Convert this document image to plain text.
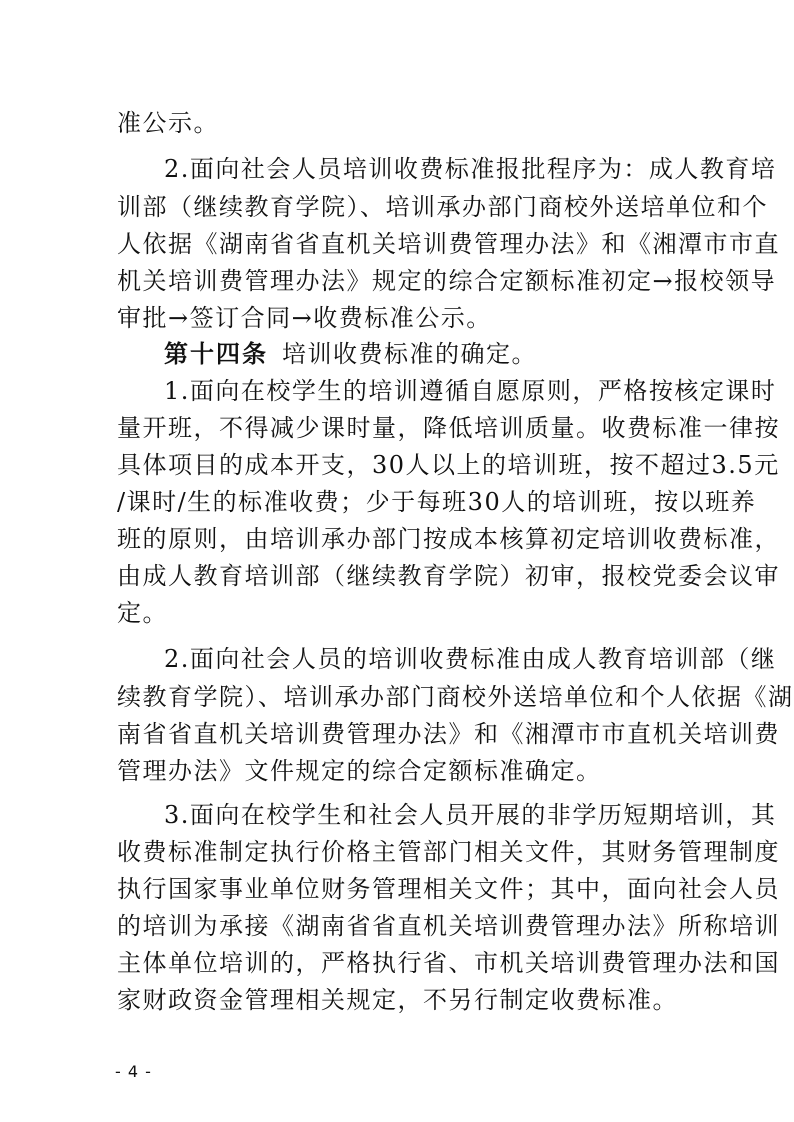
准公示。
2.面向社会人员培训收费标准报批程序为：成人教育培
训部（继续教育学院）、培训承办部门商校外送培单位和个
人依据《湖南省省直机关培训费管理办法》和《湘潭市市直
机关培训费管理办法》规定的综合定额标准初定→报校领导
审批→签订合同→收费标准公示。
第十四条 培训收费标准的确定。
1.面向在校学生的培训遵循自愿原则，严格按核定课时
量开班，不得减少课时量，降低培训质量。收费标准一律按
具体项目的成本开支，30人以上的培训班，按不超过3.5元
/课时/生的标准收费；少于每班30人的培训班，按以班养
班的原则，由培训承办部门按成本核算初定培训收费标准，
由成人教育培训部（继续教育学院）初审，报校党委会议审
定。
2.面向社会人员的培训收费标准由成人教育培训部（继
续教育学院）、培训承办部门商校外送培单位和个人依据《湖
南省省直机关培训费管理办法》和《湘潭市市直机关培训费
管理办法》文件规定的综合定额标准确定。
3.面向在校学生和社会人员开展的非学历短期培训，其
收费标准制定执行价格主管部门相关文件，其财务管理制度
执行国家事业单位财务管理相关文件；其中，面向社会人员
的培训为承接《湖南省省直机关培训费管理办法》所称培训
主体单位培训的，严格执行省、市机关培训费管理办法和国
家财政资金管理相关规定，不另行制定收费标准。
- 4 -
